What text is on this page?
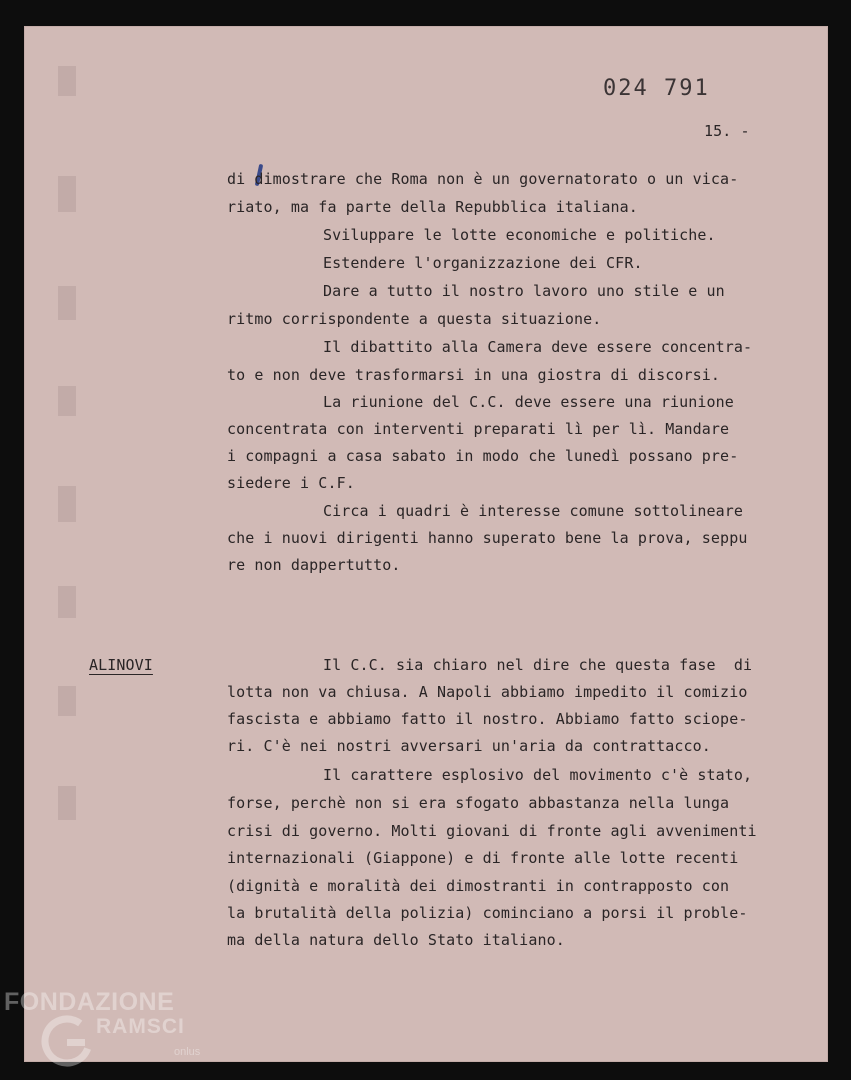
024 791
15. -
di dimostrare che Roma non è un governatorato o un vica-
riato, ma fa parte della Repubblica italiana.
Sviluppare le lotte economiche e politiche.
Estendere l'organizzazione dei CFR.
Dare a tutto il nostro lavoro uno stile e un
ritmo corrispondente a questa situazione.
Il dibattito alla Camera deve essere concentra-
to e non deve trasformarsi in una giostra di discorsi.
La riunione del C.C. deve essere una riunione
concentrata con interventi preparati lì per lì. Mandare
i compagni a casa sabato in modo che lunedì possano pre-
siedere i C.F.
Circa i quadri è interesse comune sottolineare
che i nuovi dirigenti hanno superato bene la prova, seppu
re non dappertutto.
ALINOVI	Il C.C. sia chiaro nel dire che questa fase  di
lotta non va chiusa. A Napoli abbiamo impedito il comizio
fascista e abbiamo fatto il nostro. Abbiamo fatto sciope-
ri. C'è nei nostri avversari un'aria da contrattacco.
Il carattere esplosivo del movimento c'è stato,
forse, perchè non si era sfogato abbastanza nella lunga
crisi di governo. Molti giovani di fronte agli avvenimenti
internazionali (Giappone) e di fronte alle lotte recenti
(dignità e moralità dei dimostranti in contrapposto con
la brutalità della polizia) cominciano a porsi il proble-
ma della natura dello Stato italiano.
FONDAZIONE
RAMSCI
onlus
